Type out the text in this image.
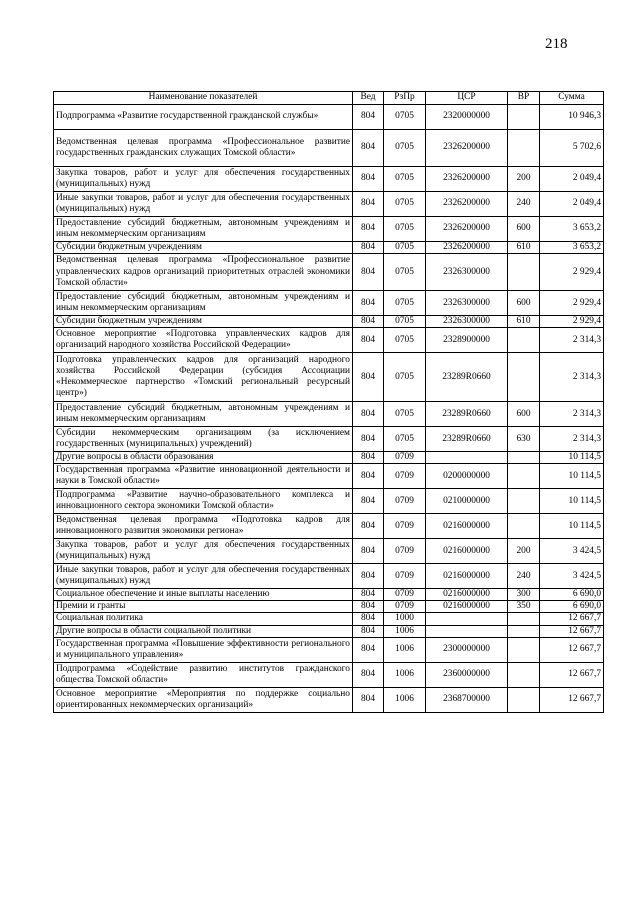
218
Наименование показателей	Вед	РзПр	ЦСР	ВР	Сумма
Подпрограмма «Развитие государственной гражданской службы»	804	0705	2320000000		10 946,3
Ведомственная целевая программа «Профессиональное развитие государственных гражданских служащих Томской области»	804	0705	2326200000		5 702,6
Закупка товаров, работ и услуг для обеспечения государственных (муниципальных) нужд	804	0705	2326200000	200	2 049,4
Иные закупки товаров, работ и услуг для обеспечения государственных (муниципальных) нужд	804	0705	2326200000	240	2 049,4
Предоставление субсидий бюджетным, автономным учреждениям и иным некоммерческим организациям	804	0705	2326200000	600	3 653,2
Субсидии бюджетным учреждениям	804	0705	2326200000	610	3 653,2
Ведомственная целевая программа «Профессиональное развитие управленческих кадров организаций приоритетных отраслей экономики Томской области»	804	0705	2326300000		2 929,4
Предоставление субсидий бюджетным, автономным учреждениям и иным некоммерческим организациям	804	0705	2326300000	600	2 929,4
Субсидии бюджетным учреждениям	804	0705	2326300000	610	2 929,4
Основное мероприятие «Подготовка управленческих кадров для организаций народного хозяйства Российской Федерации»	804	0705	2328900000		2 314,3
Подготовка управленческих кадров для организаций народного хозяйства Российской Федерации (субсидия Ассоциации «Некоммерческое партнерство «Томский региональный ресурсный центр»)	804	0705	23289R0660		2 314,3
Предоставление субсидий бюджетным, автономным учреждениям и иным некоммерческим организациям	804	0705	23289R0660	600	2 314,3
Субсидии некоммерческим организациям (за исключением государственных (муниципальных) учреждений)	804	0705	23289R0660	630	2 314,3
Другие вопросы в области образования	804	0709			10 114,5
Государственная программа «Развитие инновационной деятельности и науки в Томской области»	804	0709	0200000000		10 114,5
Подпрограмма «Развитие научно-образовательного комплекса и инновационного сектора экономики Томской области»	804	0709	0210000000		10 114,5
Ведомственная целевая программа «Подготовка кадров для инновационного развития экономики региона»	804	0709	0216000000		10 114,5
Закупка товаров, работ и услуг для обеспечения государственных (муниципальных) нужд	804	0709	0216000000	200	3 424,5
Иные закупки товаров, работ и услуг для обеспечения государственных (муниципальных) нужд	804	0709	0216000000	240	3 424,5
Социальное обеспечение и иные выплаты населению	804	0709	0216000000	300	6 690,0
Премии и гранты	804	0709	0216000000	350	6 690,0
Социальная политика	804	1000			12 667,7
Другие вопросы в области социальной политики	804	1006			12 667,7
Государственная программа «Повышение эффективности регионального и муниципального управления»	804	1006	2300000000		12 667,7
Подпрограмма «Содействие развитию институтов гражданского общества Томской области»	804	1006	2360000000		12 667,7
Основное мероприятие «Мероприятия по поддержке социально ориентированных некоммерческих организаций»	804	1006	2368700000		12 667,7
